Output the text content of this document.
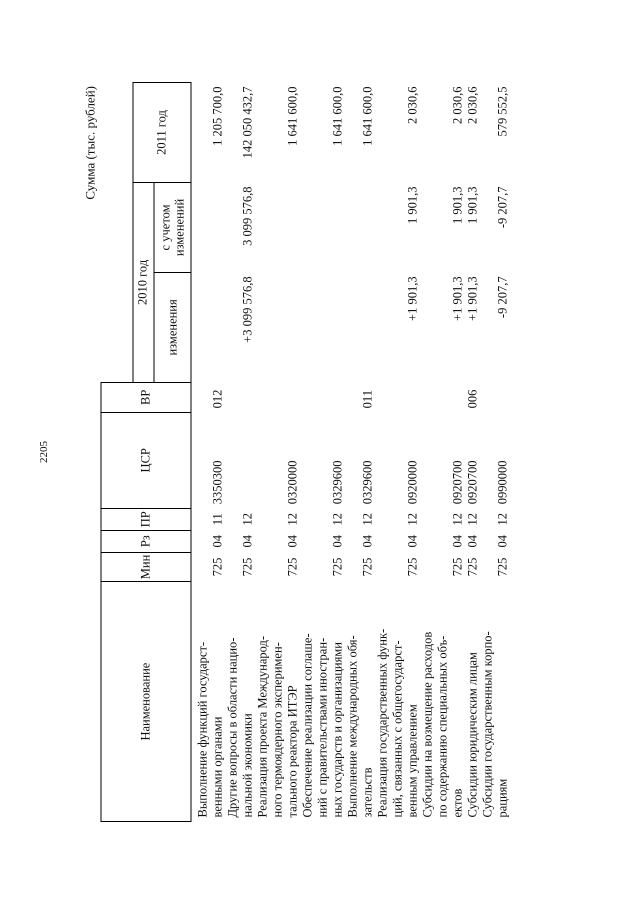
2205
Сумма (тыс. рублей)
Наименование	Мин	Рз	ПР	ЦСР	ВР			
						2010 год		2011 год
						изменения	с учетом
изменений	
Выполнение функций государст-
венными органами	725	04	11	3350300	012			1 205 700,0
Другие вопросы в области нацио-
нальной экономики	725	04	12			+3 099 576,8	3 099 576,8	142 050 432,7
Реализация проекта Международ-
ного термоядерного эксперимен-
тального реактора ИТЭР	725	04	12	0320000				1 641 600,0
Обеспечение реализации соглаше-
ний с правительствами иностран-
ных государств и организациями	725	04	12	0329600				1 641 600,0
Выполнение международных обя-
зательств	725	04	12	0329600	011			1 641 600,0
Реализация государственных функ-
ций, связанных с общегосударст-
венным управлением	725	04	12	0920000		+1 901,3	1 901,3	2 030,6
Субсидии на возмещение расходов
по содержанию специальных объ-
ектов	725	04	12	0920700		+1 901,3	1 901,3	2 030,6
Субсидии юридическим лицам	725	04	12	0920700	006	+1 901,3	1 901,3	2 030,6
Субсидии государственным корпо-
рациям	725	04	12	0990000		-9 207,7	-9 207,7	579 552,5
